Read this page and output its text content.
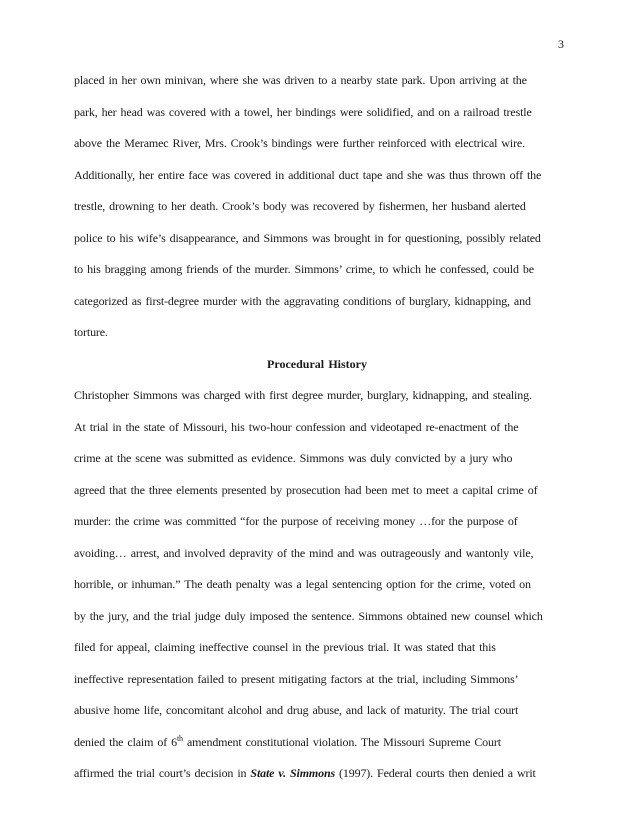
3
placed in her own minivan, where she was driven to a nearby state park. Upon arriving at the
park, her head was covered with a towel, her bindings were solidified, and on a railroad trestle
above the Meramec River, Mrs. Crook’s bindings were further reinforced with electrical wire.
Additionally, her entire face was covered in additional duct tape and she was thus thrown off the
trestle, drowning to her death. Crook’s body was recovered by fishermen, her husband alerted
police to his wife’s disappearance, and Simmons was brought in for questioning, possibly related
to his bragging among friends of the murder. Simmons’ crime, to which he confessed, could be
categorized as first-degree murder with the aggravating conditions of burglary, kidnapping, and
torture.
Procedural History
Christopher Simmons was charged with first degree murder, burglary, kidnapping, and stealing.
At trial in the state of Missouri, his two-hour confession and videotaped re-enactment of the
crime at the scene was submitted as evidence. Simmons was duly convicted by a jury who
agreed that the three elements presented by prosecution had been met to meet a capital crime of
murder: the crime was committed “for the purpose of receiving money …for the purpose of
avoiding… arrest, and involved depravity of the mind and was outrageously and wantonly vile,
horrible, or inhuman.” The death penalty was a legal sentencing option for the crime, voted on
by the jury, and the trial judge duly imposed the sentence. Simmons obtained new counsel which
filed for appeal, claiming ineffective counsel in the previous trial. It was stated that this
ineffective representation failed to present mitigating factors at the trial, including Simmons’
abusive home life, concomitant alcohol and drug abuse, and lack of maturity. The trial court
denied the claim of 6th amendment constitutional violation. The Missouri Supreme Court
affirmed the trial court’s decision in State v. Simmons (1997). Federal courts then denied a writ
